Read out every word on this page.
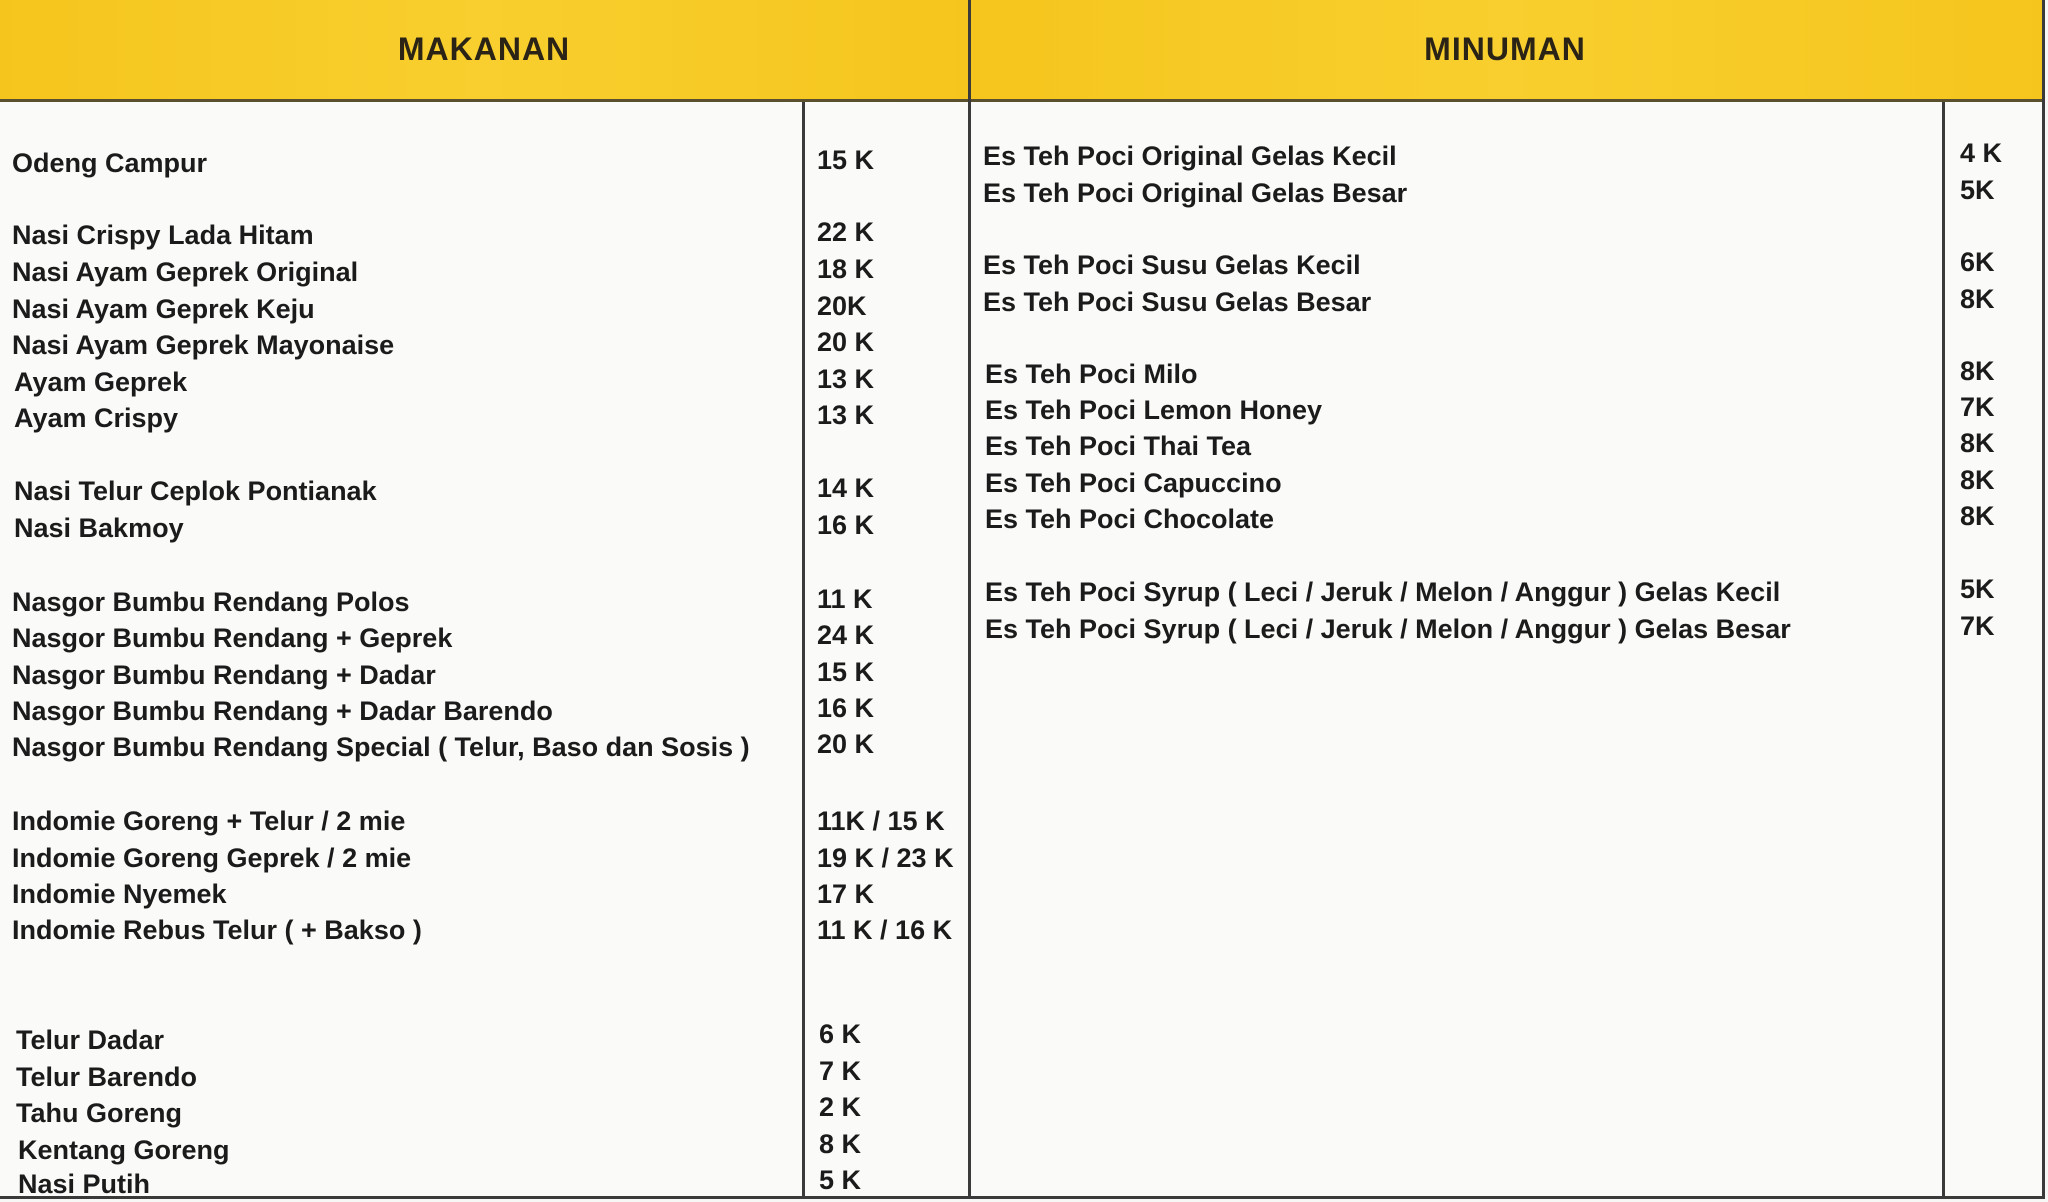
MAKANAN	MINUMAN
Odeng Campur	15 K
Nasi Crispy Lada Hitam	22 K
Nasi Ayam Geprek Original	18 K
Nasi Ayam Geprek Keju	20K
Nasi Ayam Geprek Mayonaise	20 K
Ayam Geprek	13 K
Ayam Crispy	13 K
Nasi Telur Ceplok Pontianak	14 K
Nasi Bakmoy	16 K
Nasgor Bumbu Rendang Polos	11 K
Nasgor Bumbu Rendang + Geprek	24 K
Nasgor Bumbu Rendang + Dadar	15 K
Nasgor Bumbu Rendang + Dadar Barendo	16 K
Nasgor Bumbu Rendang Special ( Telur, Baso dan Sosis ) 20 K
Indomie Goreng + Telur / 2 mie	11K / 15 K
Indomie Goreng Geprek / 2 mie	19 K / 23 K
Indomie Nyemek	17 K
Indomie Rebus Telur ( + Bakso )	11 K / 16 K
Telur Dadar	6 K
Telur Barendo	7 K
Tahu Goreng	2 K
Kentang Goreng	8 K
Nasi Putih	5 K
Es Teh Poci Original Gelas Kecil	4 K
Es Teh Poci Original Gelas Besar	5K
Es Teh Poci Susu Gelas Kecil	6K
Es Teh Poci Susu Gelas Besar	8K
Es Teh Poci Milo	8K
Es Teh Poci Lemon Honey	7K
Es Teh Poci Thai Tea	8K
Es Teh Poci Capuccino	8K
Es Teh Poci Chocolate	8K
Es Teh Poci Syrup ( Leci / Jeruk / Melon / Anggur ) Gelas Kecil	5K
Es Teh Poci Syrup ( Leci / Jeruk / Melon / Anggur ) Gelas Besar	7K
